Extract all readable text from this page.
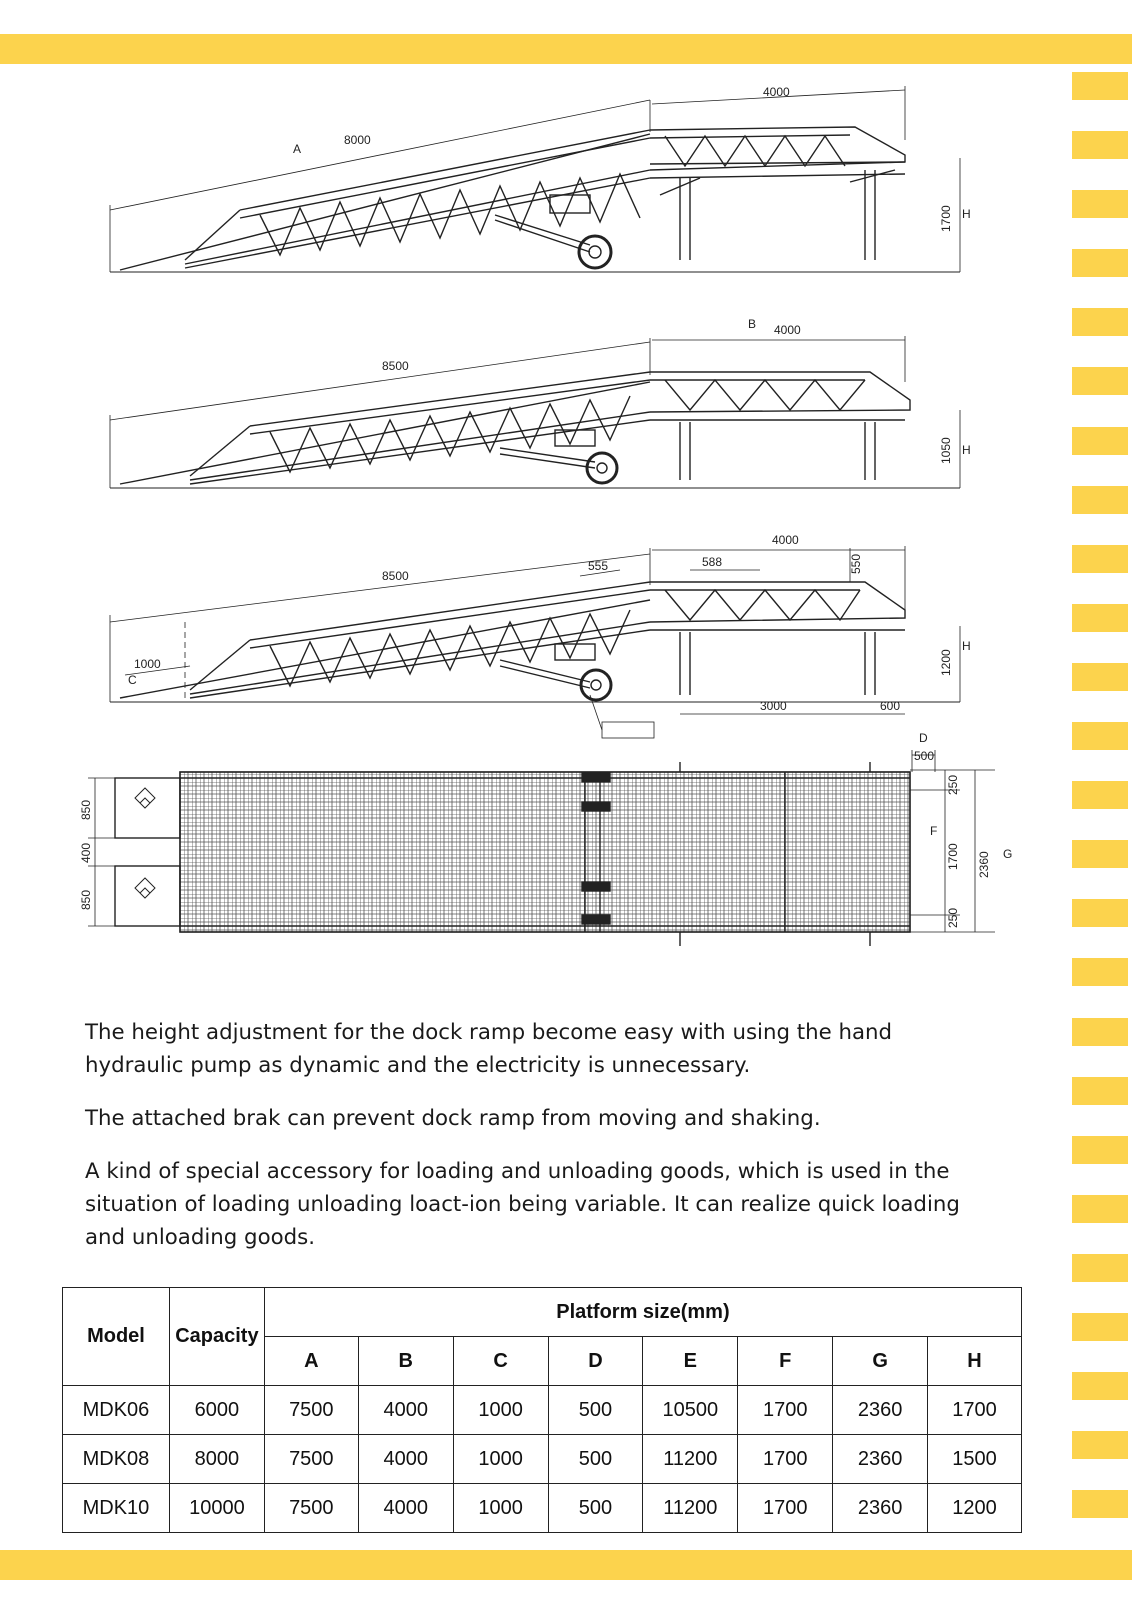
A
8000
4000
1700 H
B 4000
8500
1050 H
8500
4000
555	588	550
1000
C
1200
H
3000	600
D
500
850
400
850
250
1700
F
2360 G
250

The height adjustment for the dock ramp become easy with using the hand hydraulic pump as dynamic and the electricity is unnecessary.

The attached brak can prevent dock ramp from moving and shaking.

A kind of special accessory for loading and unloading goods, which is used in the situation of loading unloading loact-ion being variable. It can realize quick loading and unloading goods.

Model	Capacity	Platform size(mm)							
		A	B	C	D	E	F	G	H
MDK06	6000	7500	4000	1000	500	10500	1700	2360	1700
MDK08	8000	7500	4000	1000	500	11200	1700	2360	1500
MDK10	10000	7500	4000	1000	500	11200	1700	2360	1200
